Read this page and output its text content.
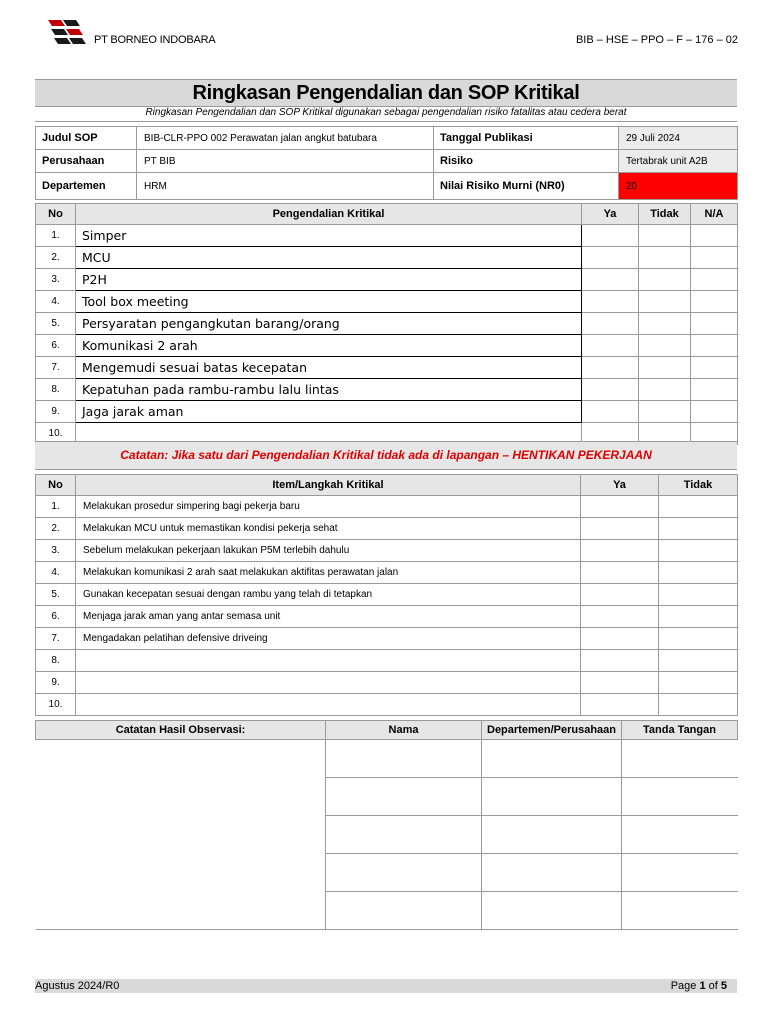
PT BORNEO INDOBARA	BIB – HSE – PPO – F – 176 – 02
Ringkasan Pengendalian dan SOP Kritikal
Ringkasan Pengendalian dan SOP Kritikal digunakan sebagai pengendalian risiko fatalitas atau cedera berat
Judul SOP	BIB-CLR-PPO 002 Perawatan jalan angkut batubara	Tanggal Publikasi	29 Juli 2024
Perusahaan	PT BIB	Risiko	Tertabrak unit A2B
Departemen	HRM	Nilai Risiko Murni (NR0)	20
No	Pengendalian Kritikal	Ya	Tidak	N/A
1.	Simper			
2.	MCU			
3.	P2H			
4.	Tool box meeting			
5.	Persyaratan pengangkutan barang/orang			
6.	Komunikasi 2 arah			
7.	Mengemudi sesuai batas kecepatan			
8.	Kepatuhan pada rambu-rambu lalu lintas			
9.	Jaga jarak aman			
10.				
Catatan: Jika satu dari Pengendalian Kritikal tidak ada di lapangan – HENTIKAN PEKERJAAN
No	Item/Langkah Kritikal	Ya	Tidak
1.	Melakukan prosedur simpering bagi pekerja baru		
2.	Melakukan MCU untuk memastikan kondisi pekerja sehat		
3.	Sebelum melakukan pekerjaan lakukan P5M terlebih dahulu		
4.	Melakukan komunikasi 2 arah saat melakukan aktifitas perawatan jalan		
5.	Gunakan kecepatan sesuai dengan rambu yang telah di tetapkan		
6.	Menjaga jarak aman yang antar semasa unit		
7.	Mengadakan pelatihan defensive driveing		
8.			
9.			
10.			
Catatan Hasil Observasi:	Nama	Departemen/Perusahaan	Tanda Tangan

Agustus 2024/R0	Page 1 of 5
